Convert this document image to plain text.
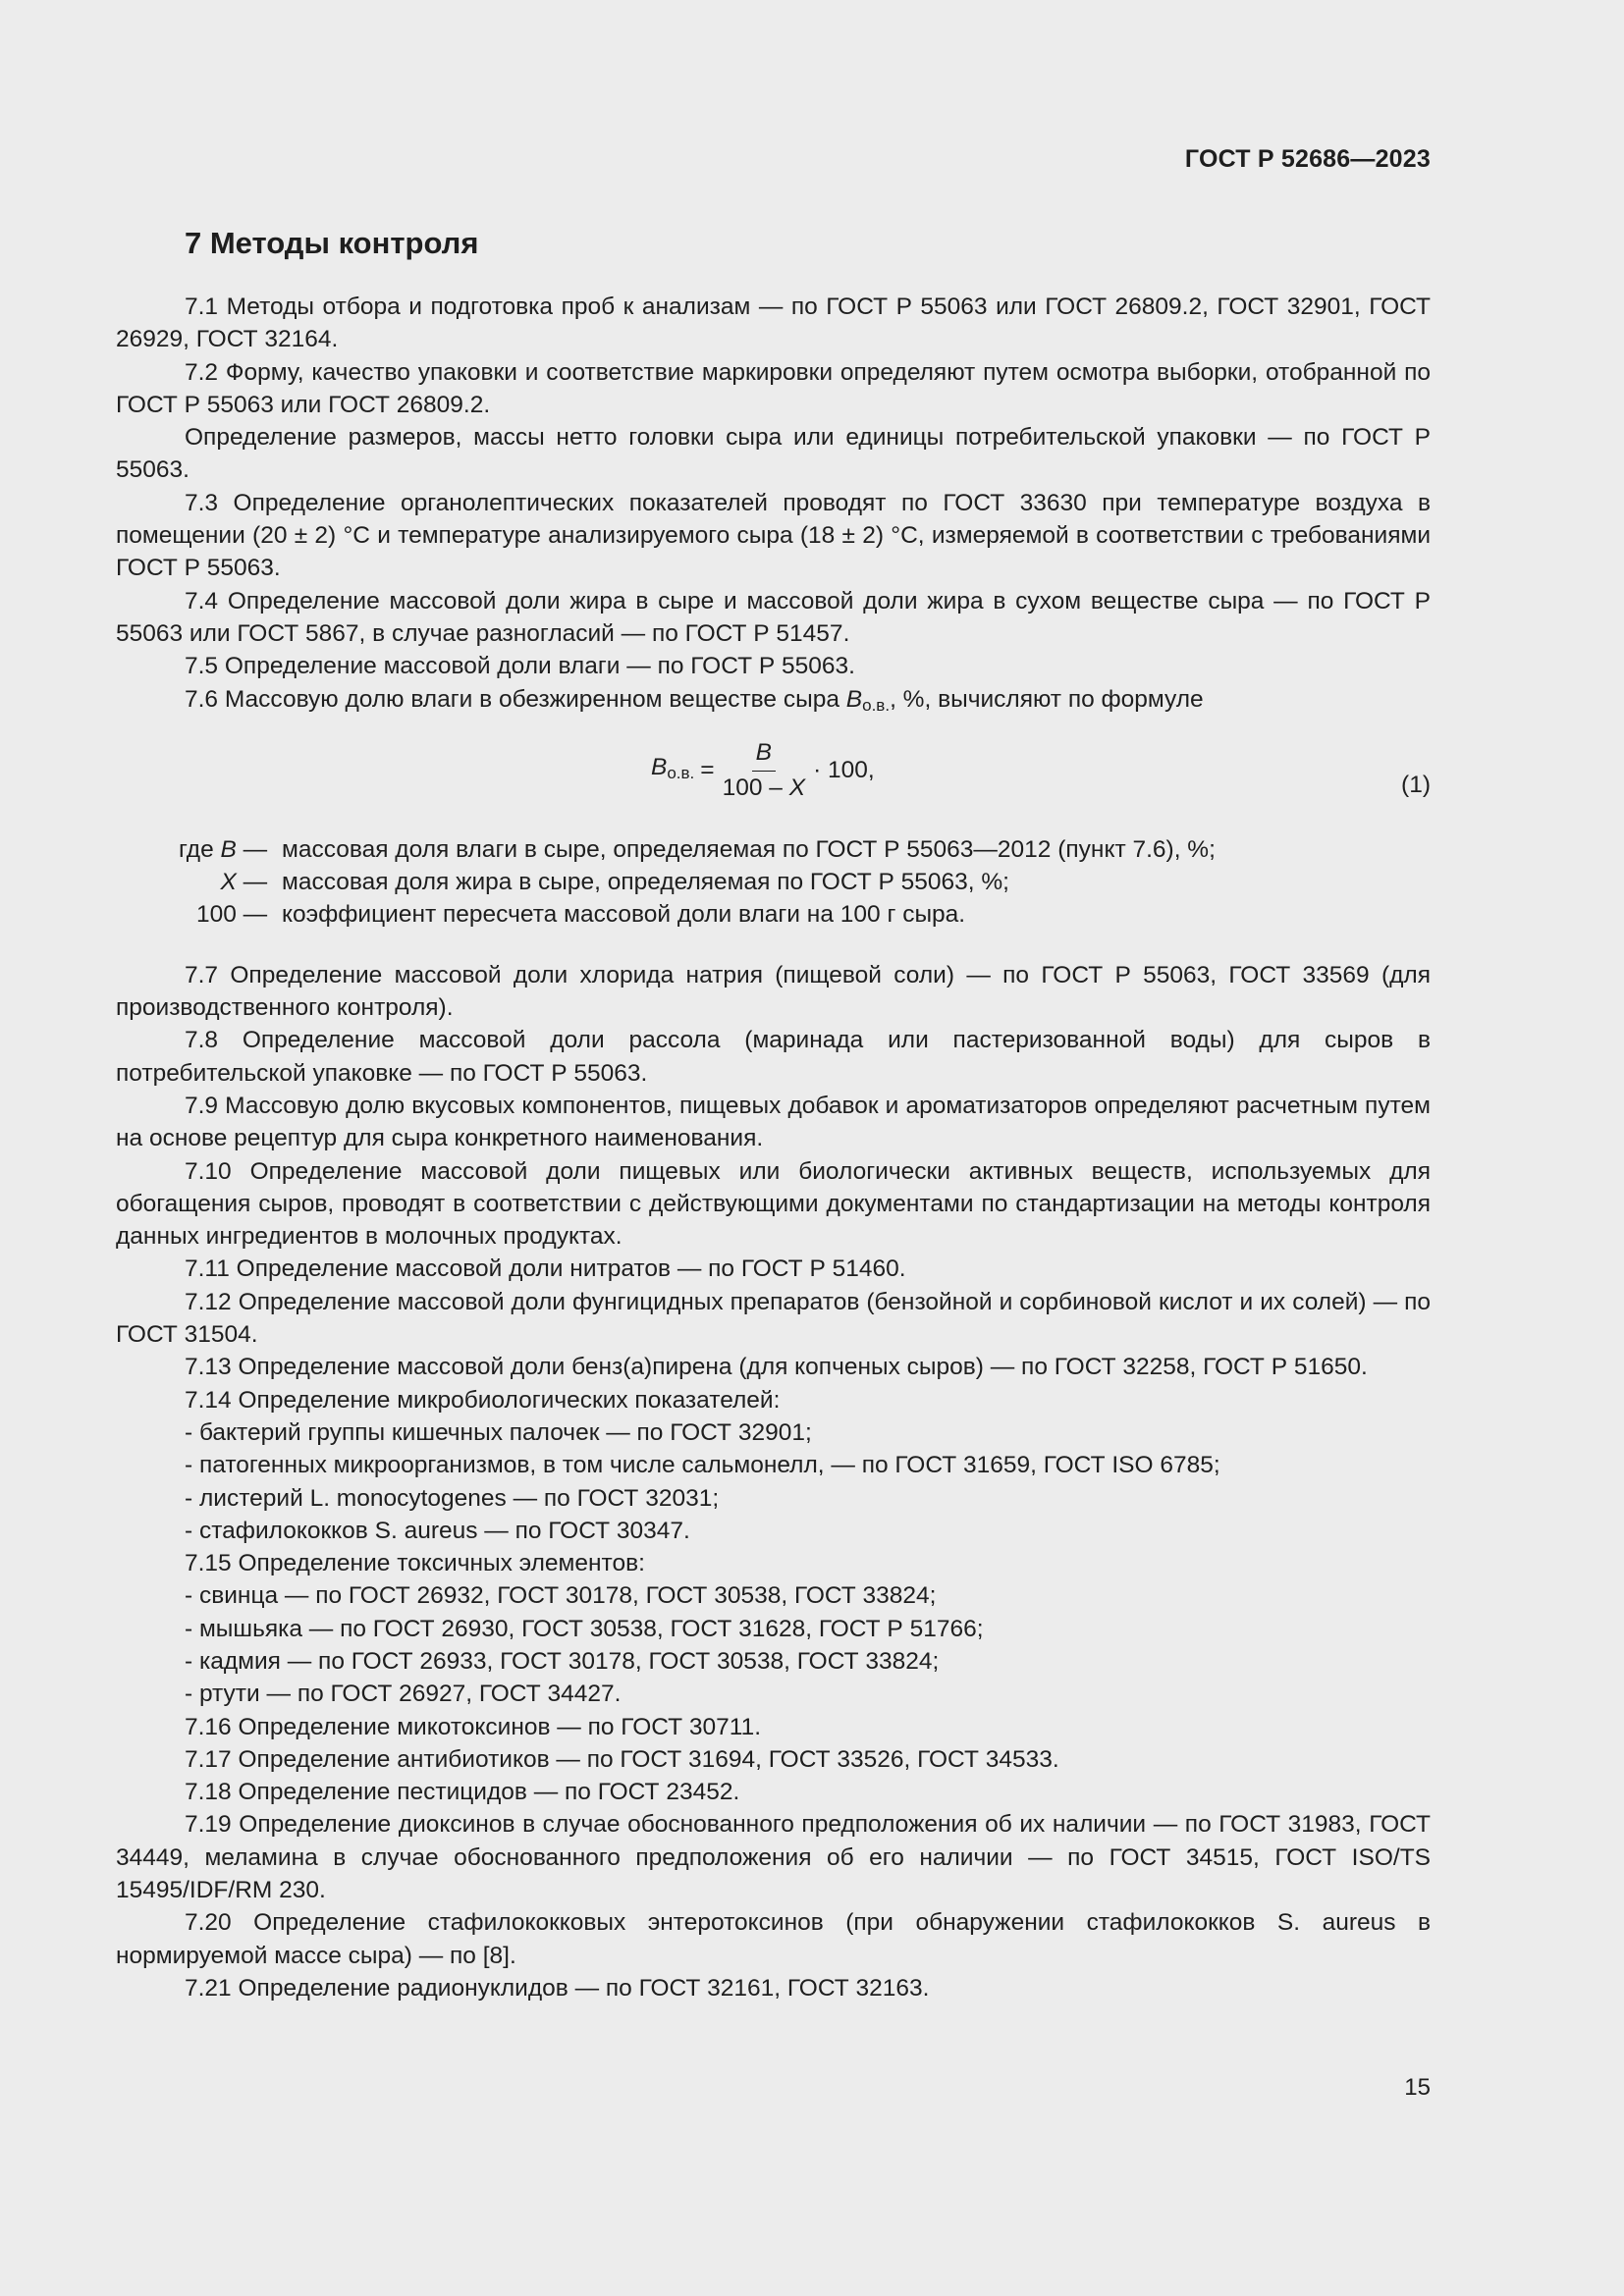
ГОСТ Р 52686—2023
7 Методы контроля

7.1 Методы отбора и подготовка проб к анализам — по ГОСТ Р 55063 или ГОСТ 26809.2, ГОСТ 32901, ГОСТ 26929, ГОСТ 32164.

7.2 Форму, качество упаковки и соответствие маркировки определяют путем осмотра выборки, отобранной по ГОСТ Р 55063 или ГОСТ 26809.2.

Определение размеров, массы нетто головки сыра или единицы потребительской упаковки — по ГОСТ Р 55063.

7.3 Определение органолептических показателей проводят по ГОСТ 33630 при температуре воздуха в помещении (20 ± 2) °С и температуре анализируемого сыра (18 ± 2) °С, измеряемой в соответствии с требованиями ГОСТ Р 55063.

7.4 Определение массовой доли жира в сыре и массовой доли жира в сухом веществе сыра — по ГОСТ Р 55063 или ГОСТ 5867, в случае разногласий — по ГОСТ Р 51457.

7.5 Определение массовой доли влаги — по ГОСТ Р 55063.

7.6 Массовую долю влаги в обезжиренном веществе сыра $В_{о.в.}$, %, вычисляют по формуле

$В_{о.в.} = \frac{В}{100 - X} \cdot 100$,
(1)
где В — массовая доля влаги в сыре, определяемая по ГОСТ Р 55063—2012 (пункт 7.6), %;
X — массовая доля жира в сыре, определяемая по ГОСТ Р 55063, %;
100 — коэффициент пересчета массовой доли влаги на 100 г сыра.

7.7 Определение массовой доли хлорида натрия (пищевой соли) — по ГОСТ Р 55063, ГОСТ 33569 (для производственного контроля).

7.8 Определение массовой доли рассола (маринада или пастеризованной воды) для сыров в потребительской упаковке — по ГОСТ Р 55063.

7.9 Массовую долю вкусовых компонентов, пищевых добавок и ароматизаторов определяют расчетным путем на основе рецептур для сыра конкретного наименования.

7.10 Определение массовой доли пищевых или биологически активных веществ, используемых для обогащения сыров, проводят в соответствии с действующими документами по стандартизации на методы контроля данных ингредиентов в молочных продуктах.

7.11 Определение массовой доли нитратов — по ГОСТ Р 51460.

7.12 Определение массовой доли фунгицидных препаратов (бензойной и сорбиновой кислот и их солей) — по ГОСТ 31504.

7.13 Определение массовой доли бенз(а)пирена (для копченых сыров) — по ГОСТ 32258, ГОСТ Р 51650.

7.14 Определение микробиологических показателей:

- бактерий группы кишечных палочек — по ГОСТ 32901;
- патогенных микроорганизмов, в том числе сальмонелл, — по ГОСТ 31659, ГОСТ ISO 6785;
- листерий L. monocytogenes — по ГОСТ 32031;
- стафилококков S. aureus — по ГОСТ 30347.

7.15 Определение токсичных элементов:

- свинца — по ГОСТ 26932, ГОСТ 30178, ГОСТ 30538, ГОСТ 33824;
- мышьяка — по ГОСТ 26930, ГОСТ 30538, ГОСТ 31628, ГОСТ Р 51766;
- кадмия — по ГОСТ 26933, ГОСТ 30178, ГОСТ 30538, ГОСТ 33824;
- ртути — по ГОСТ 26927, ГОСТ 34427.

7.16 Определение микотоксинов — по ГОСТ 30711.

7.17 Определение антибиотиков — по ГОСТ 31694, ГОСТ 33526, ГОСТ 34533.

7.18 Определение пестицидов — по ГОСТ 23452.

7.19 Определение диоксинов в случае обоснованного предположения об их наличии — по ГОСТ 31983, ГОСТ 34449, меламина в случае обоснованного предположения об его наличии — по ГОСТ 34515, ГОСТ ISO/TS 15495/IDF/RM 230.

7.20 Определение стафилококковых энтеротоксинов (при обнаружении стафилококков S. aureus в нормируемой массе сыра) — по [8].

7.21 Определение радионуклидов — по ГОСТ 32161, ГОСТ 32163.

15
